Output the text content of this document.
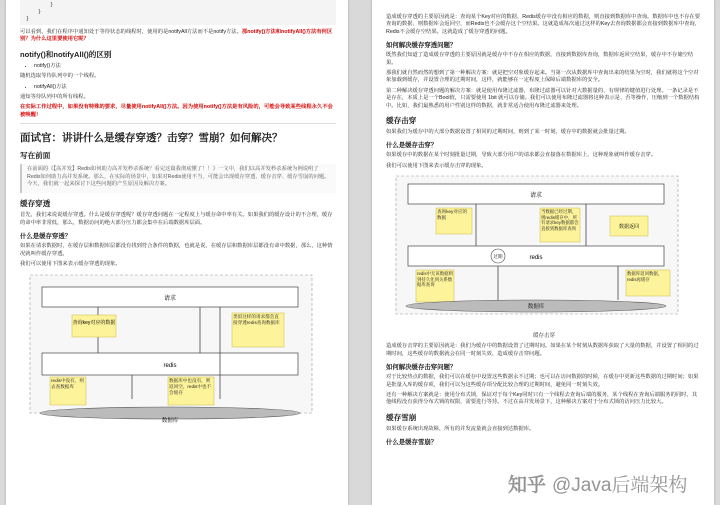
}
}
}

可以看到，我们在程序中通知处于等待状态的线程时，使用的是notifyAll方法而不是notify方法。那notify()方法和notifyAll()方法有何区别？为什么这里要使用它呢？

notify()和notifyAll()的区别
• notify()方法

随机选取等待队列中的一个线程。

• notifyAll()方法

通知等待队列中的所有线程。

在实际工作过程中，如果没有特殊的要求，尽量使用notifyAll()方法。因为使用notify()方法是有风险的，可能会导致某些线程永久不会被唤醒！

面试官：讲讲什么是缓存穿透？击穿？雪崩？如何解决？
写在前面

在前面的《【高并发】Redis如何助力高并发秒杀系统？看完这篇我彻底懂了！！》一文中，我们以高并发秒杀系统为例说明了Redis如何助力高并发系统。那么，在实际的场景中，如果对Redis使用不当，可能会出现缓存穿透、缓存击穿、缓存雪崩的问题。今天，我们就一起来探讨下这些问题的产生原因及解决方案。

缓存穿透

首先，我们来说说缓存穿透。什么是缓存穿透呢？缓存穿透问题在一定程度上与缓存命中率有关。如果我们的缓存设计的不合理，缓存的命中率非常低，那么，数据访问的绝大部分压力都会集中在后端数据库层面。

什么是缓存穿透？

如果在请求数据时，在缓存层和数据库层都没有找到符合条件的数据，也就是说，在缓存层和数据库层都没有命中数据，那么，这种情况就叫作缓存穿透。

我们可以使用下图来表示缓存穿透的现象。

请求
redis
查询key对应的数据
类似这样的请求都会直接穿透redis查询数据库
redis中没有，则去查数据库
数据库中也没有，则返回空，redis中也不会缓存
数据库

造成缓存穿透的主要原因就是：查询某个Key对应的数据，Redis缓存中没有相应的数据，则直接到数据库中查询。数据库中也不存在要查询的数据，则数据库会返回空，而Redis也不会缓存这个空结果。这就造成每次通过这样的Key去查询数据都会直接到数据库中查询，Redis不会缓存空结果。这就造成了缓存穿透的问题。

如何解决缓存穿透问题？

既然我们知道了造成缓存穿透的主要原因就是缓存中不存在相应的数据，直接到数据库查询，数据库返回空结果，缓存中不存储空结果。

那我们就自然而然的想到了第一种解决方案：就是把空对象缓存起来。当第一次从数据库中查询出来的结果为空时，我们就将这个空对象加载到缓存，并设置合理的过期时间，这样，就能够在一定程度上保障后端数据库的安全。

第二种解决缓存穿透问题的解决方案：就是使用布隆过滤器，布隆过滤器可以针对大数据量的、有规律的键值进行处理。一条记录是不是存在，本质上是一个Bool值，只需要使用 1bit 就可以存储。我们可以使用布隆过滤器将这种表示是、否等操作，压缩到一个数据结构中。比如，我们最熟悉的用户性别这样的数据，就非常适合使用布隆过滤器来处理。

缓存击穿

如果我们为缓存中的大部分数据设置了相同的过期时间，则到了某一时刻，缓存中的数据就会批量过期。

什么是缓存击穿？

如果缓存中的数据在某个时刻批量过期，导致大部分用户的请求都会直接落在数据库上，这种现象就叫作缓存击穿。

我们可以使用下图来表示缓存击穿的现象。

请求
redis
过期
查询key对应的数据
当数据已经过期，则redis缓存中，所有请求key数据都会直接到数据库查询	数据返回
redis中无该数据则到持久化到关系数据库查询
数据库返回数据，redis再缓存
数据库
缓存击穿

造成缓存击穿的主要原因就是：我们为缓存中的数据设置了过期时间。如果在某个时刻从数据库获取了大量的数据，并设置了相同的过期时间，这些缓存的数据就会在同一时刻失效，造成缓存击穿问题。

如何解决缓存击穿问题？

对于比较热点的数据，我们可以在缓存中设置这些数据永不过期；也可以在访问数据的时候，在缓存中更新这些数据的过期时间；如果是批量入库的缓存项，我们可以为这些缓存项分配比较合理的过期时间，避免同一时刻失效。

还有一种解决方案就是：使用分布式锁，保证对于每个Key同时只有一个线程去查询后端的服务，某个线程在查询后端服务的同时，其他线程没有获得分布式锁的权限，需要进行等待。不过在高并发场景下，这种解决方案对于分布式锁的访问压力比较大。

缓存雪崩

如果缓存系统出现故障，所有的并发流量就会直接到达数据库。

什么是缓存雪崩？
知乎 @Java后端架构
